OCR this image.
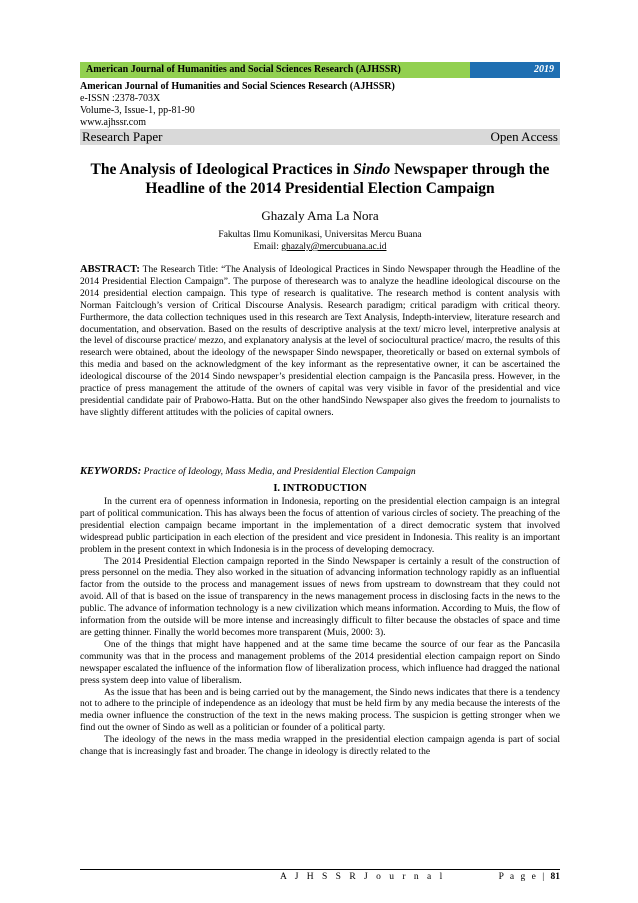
American Journal of Humanities and Social Sciences Research (AJHSSR)	2019
American Journal of Humanities and Social Sciences Research (AJHSSR)
e-ISSN :2378-703X
Volume-3, Issue-1, pp-81-90
www.ajhssr.com
Research Paper	Open Access
The Analysis of Ideological Practices in Sindo Newspaper through the Headline of the 2014 Presidential Election Campaign
Ghazaly Ama La Nora
Fakultas Ilmu Komunikasi, Universitas Mercu Buana
Email: ghazaly@mercubuana.ac.id
ABSTRACT: The Research Title: “The Analysis of Ideological Practices in Sindo Newspaper through the Headline of the 2014 Presidential Election Campaign”. The purpose of theresearch was to analyze the headline ideological discourse on the 2014 presidential election campaign. This type of research is qualitative. The research method is content analysis with Norman Faitclough’s version of Critical Discourse Analysis. Research paradigm; critical paradigm with critical theory. Furthermore, the data collection techniques used in this research are Text Analysis, Indepth-interview, literature research and documentation, and observation. Based on the results of descriptive analysis at the text/ micro level, interpretive analysis at the level of discourse practice/ mezzo, and explanatory analysis at the level of sociocultural practice/ macro, the results of this research were obtained, about the ideology of the newspaper Sindo newspaper, theoretically or based on external symbols of this media and based on the acknowledgment of the key informant as the representative owner, it can be ascertained the ideological discourse of the 2014 Sindo newspaper’s presidential election campaign is the Pancasila press. However, in the practice of press management the attitude of the owners of capital was very visible in favor of the presidential and vice presidential candidate pair of Prabowo-Hatta. But on the other handSindo Newspaper also gives the freedom to journalists to have slightly different attitudes with the policies of capital owners.
KEYWORDS: Practice of Ideology, Mass Media, and Presidential Election Campaign
I. INTRODUCTION

In the current era of openness information in Indonesia, reporting on the presidential election campaign is an integral part of political communication. This has always been the focus of attention of various circles of society. The preaching of the presidential election campaign became important in the implementation of a direct democratic system that involved widespread public participation in each election of the president and vice president in Indonesia. This reality is an important problem in the present context in which Indonesia is in the process of developing democracy.

The 2014 Presidential Election campaign reported in the Sindo Newspaper is certainly a result of the construction of press personnel on the media. They also worked in the situation of advancing information technology rapidly as an influential factor from the outside to the process and management issues of news from upstream to downstream that they could not avoid. All of that is based on the issue of transparency in the news management process in disclosing facts in the news to the public. The advance of information technology is a new civilization which means information. According to Muis, the flow of information from the outside will be more intense and increasingly difficult to filter because the obstacles of space and time are getting thinner. Finally the world becomes more transparent (Muis, 2000: 3).

One of the things that might have happened and at the same time became the source of our fear as the Pancasila community was that in the process and management problems of the 2014 presidential election campaign report on Sindo newspaper escalated the influence of the information flow of liberalization process, which influence had dragged the national press system deep into value of liberalism.

As the issue that has been and is being carried out by the management, the Sindo news indicates that there is a tendency not to adhere to the principle of independence as an ideology that must be held firm by any media because the interests of the media owner influence the construction of the text in the news making process. The suspicion is getting stronger when we find out the owner of Sindo as well as a politician or founder of a political party.

The ideology of the news in the mass media wrapped in the presidential election campaign agenda is part of social change that is increasingly fast and broader. The change in ideology is directly related to the

A J H S S R J o u r n a l	P a g e | 81
